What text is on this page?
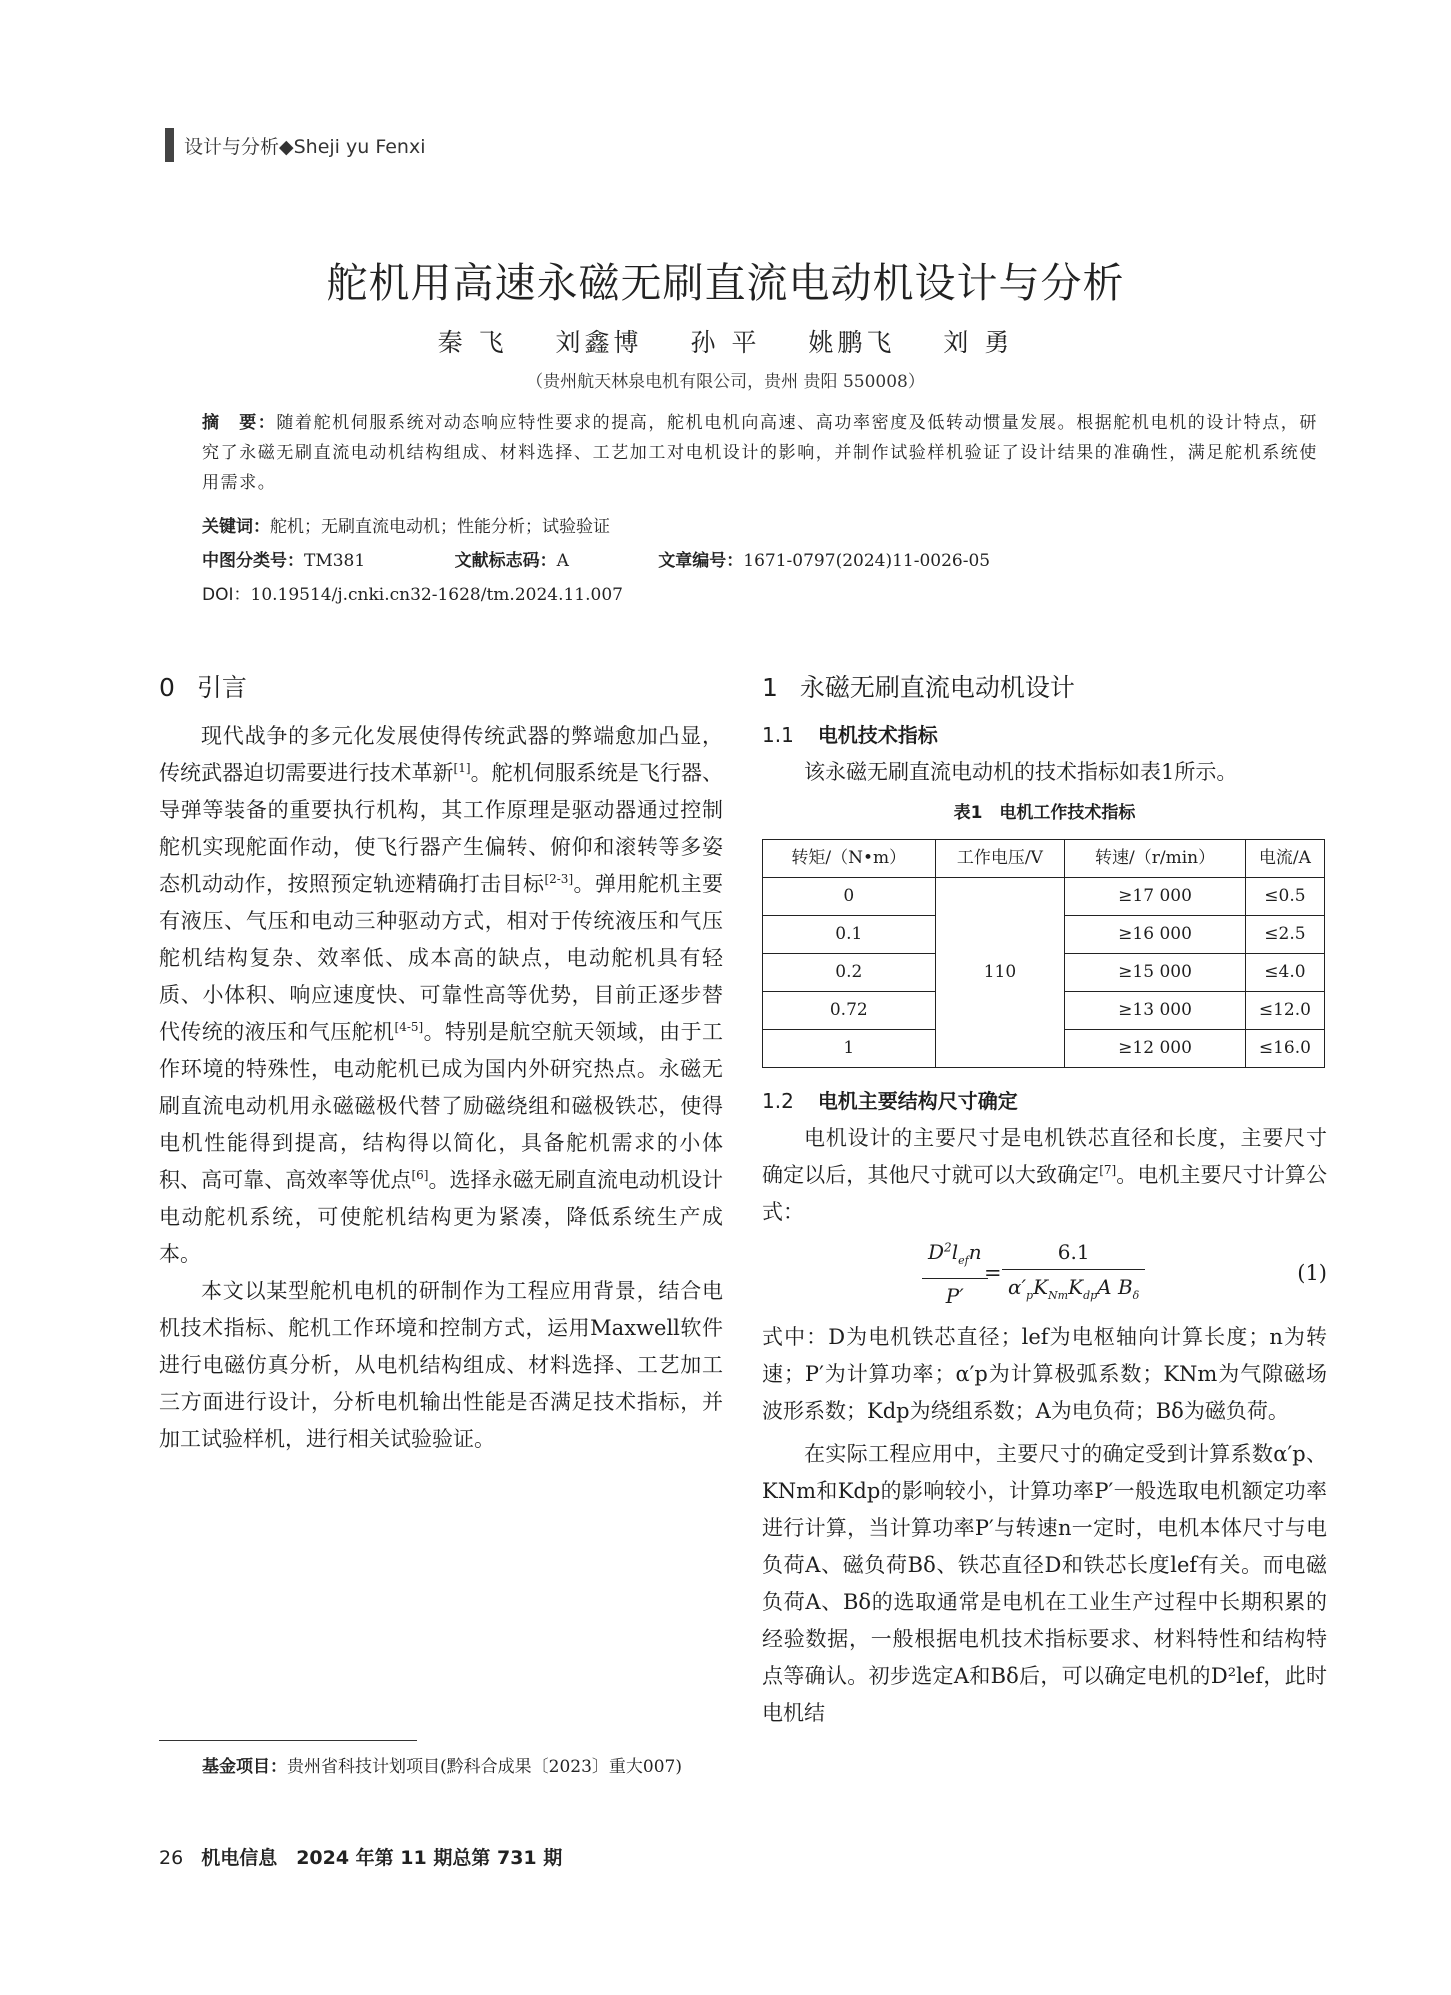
设计与分析◆Sheji yu Fenxi
舵机用高速永磁无刷直流电动机设计与分析
秦 飞 刘鑫博 孙 平 姚鹏飞 刘 勇
（贵州航天林泉电机有限公司，贵州 贵阳 550008）
摘　要：随着舵机伺服系统对动态响应特性要求的提高，舵机电机向高速、高功率密度及低转动惯量发展。根据舵机电机的设计特点，研究了永磁无刷直流电动机结构组成、材料选择、工艺加工对电机设计的影响，并制作试验样机验证了设计结果的准确性，满足舵机系统使用需求。
关键词：舵机；无刷直流电动机；性能分析；试验验证
中图分类号：TM381	文献标志码：A	文章编号：1671-0797(2024)11-0026-05
DOI：10.19514/j.cnki.cn32-1628/tm.2024.11.007
0 引言

现代战争的多元化发展使得传统武器的弊端愈加凸显，传统武器迫切需要进行技术革新[1]。舵机伺服系统是飞行器、导弹等装备的重要执行机构，其工作原理是驱动器通过控制舵机实现舵面作动，使飞行器产生偏转、俯仰和滚转等多姿态机动动作，按照预定轨迹精确打击目标[2-3]。弹用舵机主要有液压、气压和电动三种驱动方式，相对于传统液压和气压舵机结构复杂、效率低、成本高的缺点，电动舵机具有轻质、小体积、响应速度快、可靠性高等优势，目前正逐步替代传统的液压和气压舵机[4-5]。特别是航空航天领域，由于工作环境的特殊性，电动舵机已成为国内外研究热点。永磁无刷直流电动机用永磁磁极代替了励磁绕组和磁极铁芯，使得电机性能得到提高，结构得以简化，具备舵机需求的小体积、高可靠、高效率等优点[6]。选择永磁无刷直流电动机设计电动舵机系统，可使舵机结构更为紧凑，降低系统生产成本。

本文以某型舵机电机的研制作为工程应用背景，结合电机技术指标、舵机工作环境和控制方式，运用Maxwell软件进行电磁仿真分析，从电机结构组成、材料选择、工艺加工三方面进行设计，分析电机输出性能是否满足技术指标，并加工试验样机，进行相关试验验证。

1 永磁无刷直流电动机设计
1.1 电机技术指标

该永磁无刷直流电动机的技术指标如表1所示。

表1　电机工作技术指标
转矩/（N•m）	工作电压/V	转速/（r/min）	电流/A
0	110	≥17 000	≤0.5
0.1		≥16 000	≤2.5
0.2		≥15 000	≤4.0
0.72		≥13 000	≤12.0
1		≥12 000	≤16.0
1.2 电机主要结构尺寸确定

电机设计的主要尺寸是电机铁芯直径和长度，主要尺寸确定以后，其他尺寸就可以大致确定[7]。电机主要尺寸计算公式：

$D^2l_{ef}n$
P′
=
6.1
$\alpha'_pK_{Nm}K_{dp}A$ $B_\delta$
(1)

式中：D为电机铁芯直径；lef为电枢轴向计算长度；n为转速；P′为计算功率；α′p为计算极弧系数；KNm为气隙磁场波形系数；Kdp为绕组系数；A为电负荷；Bδ为磁负荷。

在实际工程应用中，主要尺寸的确定受到计算系数α′p、KNm和Kdp的影响较小，计算功率P′一般选取电机额定功率进行计算，当计算功率P′与转速n一定时，电机本体尺寸与电负荷A、磁负荷Bδ、铁芯直径D和铁芯长度lef有关。而电磁负荷A、Bδ的选取通常是电机在工业生产过程中长期积累的经验数据，一般根据电机技术指标要求、材料特性和结构特点等确认。初步选定A和Bδ后，可以确定电机的D²lef，此时电机结

基金项目：贵州省科技计划项目(黔科合成果〔2023〕重大007)
26 机电信息　2024 年第 11 期总第 731 期
